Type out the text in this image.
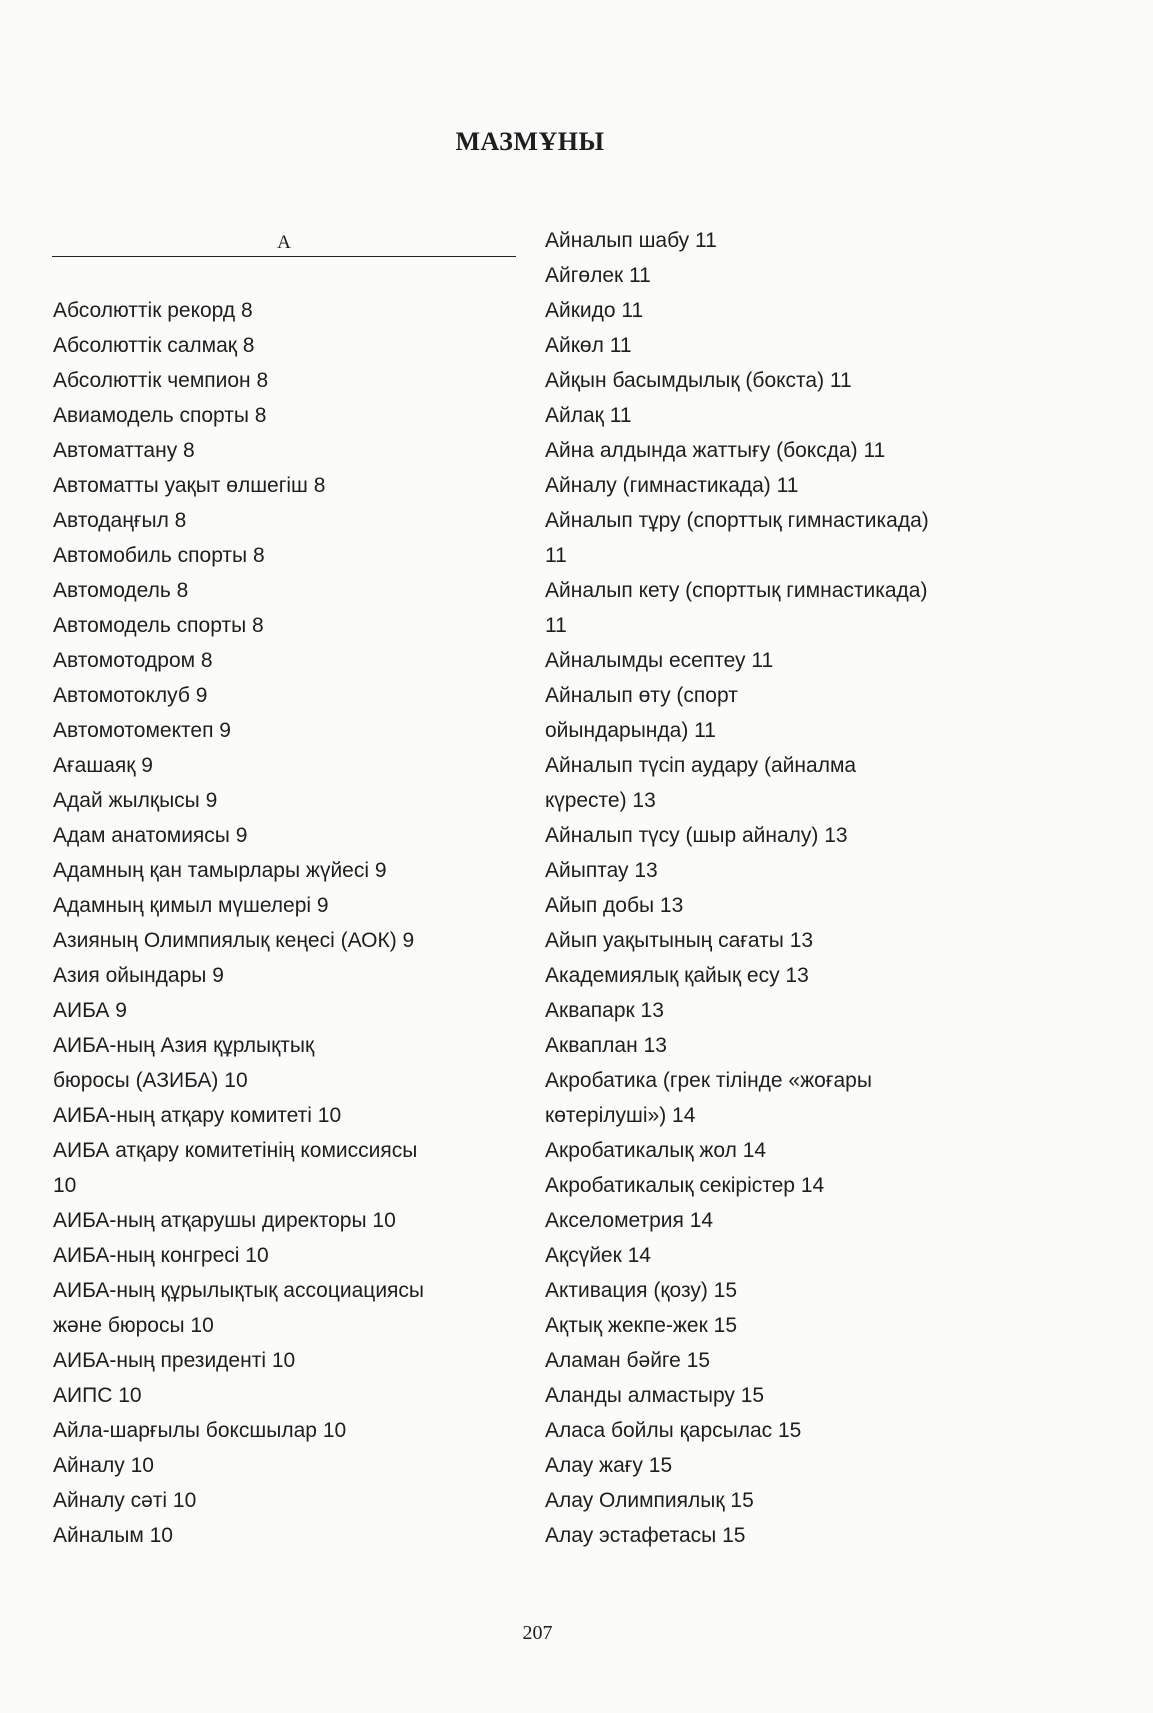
МАЗМҰНЫ
А
Абсолюттік рекорд 8
Абсолюттік салмақ 8
Абсолюттік чемпион 8
Авиамодель спорты 8
Автоматтану 8
Автоматты уақыт өлшегіш 8
Автодаңғыл 8
Автомобиль спорты 8
Автомодель 8
Автомодель спорты 8
Автомотодром 8
Автомотоклуб 9
Автомотомектеп 9
Ағашаяқ 9
Адай жылқысы 9
Адам анатомиясы 9
Адамның қан тамырлары жүйесі 9
Адамның қимыл мүшелері 9
Азияның Олимпиялық кеңесі (АОК) 9
Азия ойындары 9
АИБА 9
АИБА-ның Азия құрлықтық
бюросы (АЗИБА) 10
АИБА-ның атқару комитеті 10
АИБА атқару комитетінің комиссиясы
10
АИБА-ның атқарушы директоры 10
АИБА-ның конгресі 10
АИБА-ның құрылықтық ассоциациясы
және бюросы 10
АИБА-ның президенті 10
АИПС 10
Айла-шарғылы боксшылар 10
Айналу 10
Айналу сәті 10
Айналым 10
Айналып шабу 11
Айгөлек 11
Айкидо 11
Айкөл 11
Айқын басымдылық (бокста) 11
Айлақ 11
Айна алдында жаттығу (боксда) 11
Айналу (гимнастикада) 11
Айналып тұру (спорттық гимнастикада)
11
Айналып кету (спорттық гимнастикада)
11
Айналымды есептеу 11
Айналып өту (спорт
ойындарында) 11
Айналып түсіп аудару (айналма
күресте) 13
Айналып түсу (шыр айналу) 13
Айыптау 13
Айып добы 13
Айып уақытының сағаты 13
Академиялық қайық есу 13
Аквапарк 13
Акваплан 13
Акробатика (грек тілінде «жоғары
көтерілуші») 14
Акробатикалық жол 14
Акробатикалық секірістер 14
Акселометрия 14
Ақсүйек 14
Активация (қозу) 15
Ақтық жекпе-жек 15
Аламан бәйге 15
Аланды алмастыру 15
Аласа бойлы қарсылас 15
Алау жағу 15
Алау Олимпиялық 15
Алау эстафетасы 15
207
